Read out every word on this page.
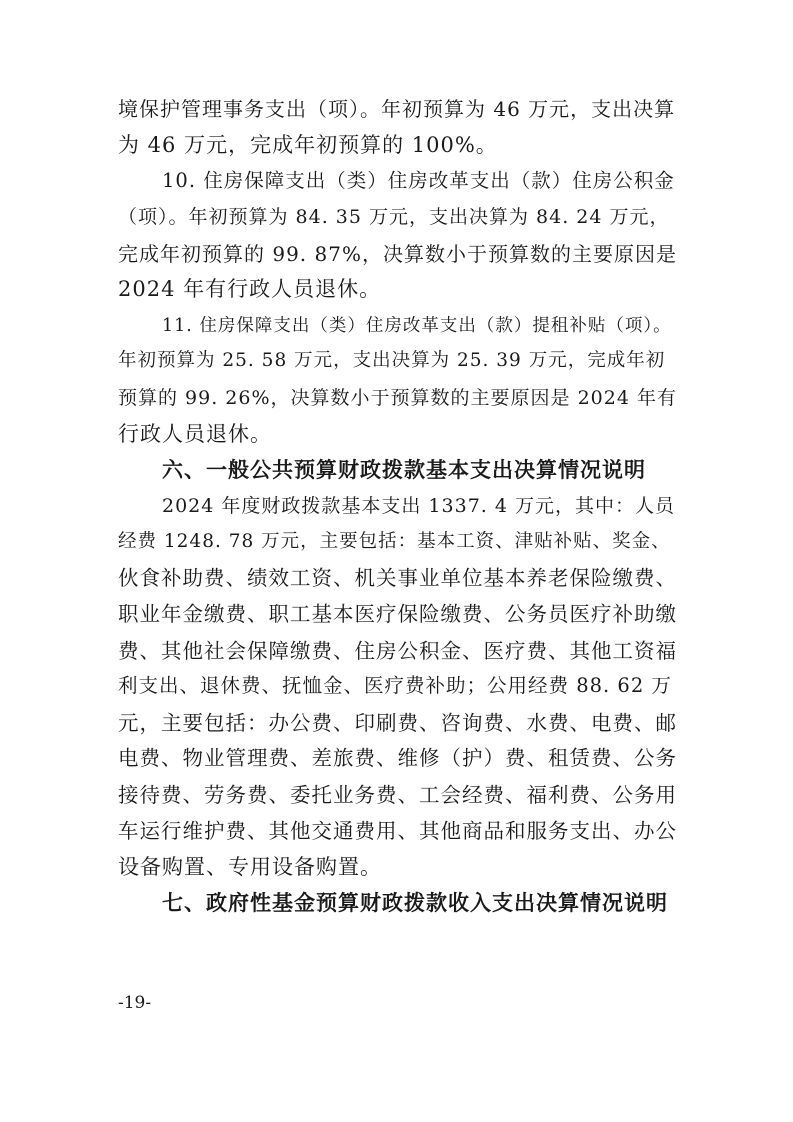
境保护管理事务支出（项）。年初预算为 46 万元，支出决算
为 46 万元，完成年初预算的 100%。
10. 住房保障支出（类）住房改革支出（款）住房公积金
（项）。年初预算为 84. 35 万元，支出决算为 84. 24 万元，
完成年初预算的 99. 87%，决算数小于预算数的主要原因是
2024 年有行政人员退休。
11. 住房保障支出（类）住房改革支出（款）提租补贴（项）。
年初预算为 25. 58 万元，支出决算为 25. 39 万元，完成年初
预算的 99. 26%，决算数小于预算数的主要原因是 2024 年有
行政人员退休。
六、一般公共预算财政拨款基本支出决算情况说明
2024 年度财政拨款基本支出 1337. 4 万元，其中：人员
经费 1248. 78 万元，主要包括：基本工资、津贴补贴、奖金、
伙食补助费、绩效工资、机关事业单位基本养老保险缴费、
职业年金缴费、职工基本医疗保险缴费、公务员医疗补助缴
费、其他社会保障缴费、住房公积金、医疗费、其他工资福
利支出、退休费、抚恤金、医疗费补助；公用经费 88. 62 万
元，主要包括：办公费、印刷费、咨询费、水费、电费、邮
电费、物业管理费、差旅费、维修（护）费、租赁费、公务
接待费、劳务费、委托业务费、工会经费、福利费、公务用
车运行维护费、其他交通费用、其他商品和服务支出、办公
设备购置、专用设备购置。
七、政府性基金预算财政拨款收入支出决算情况说明
-19-
